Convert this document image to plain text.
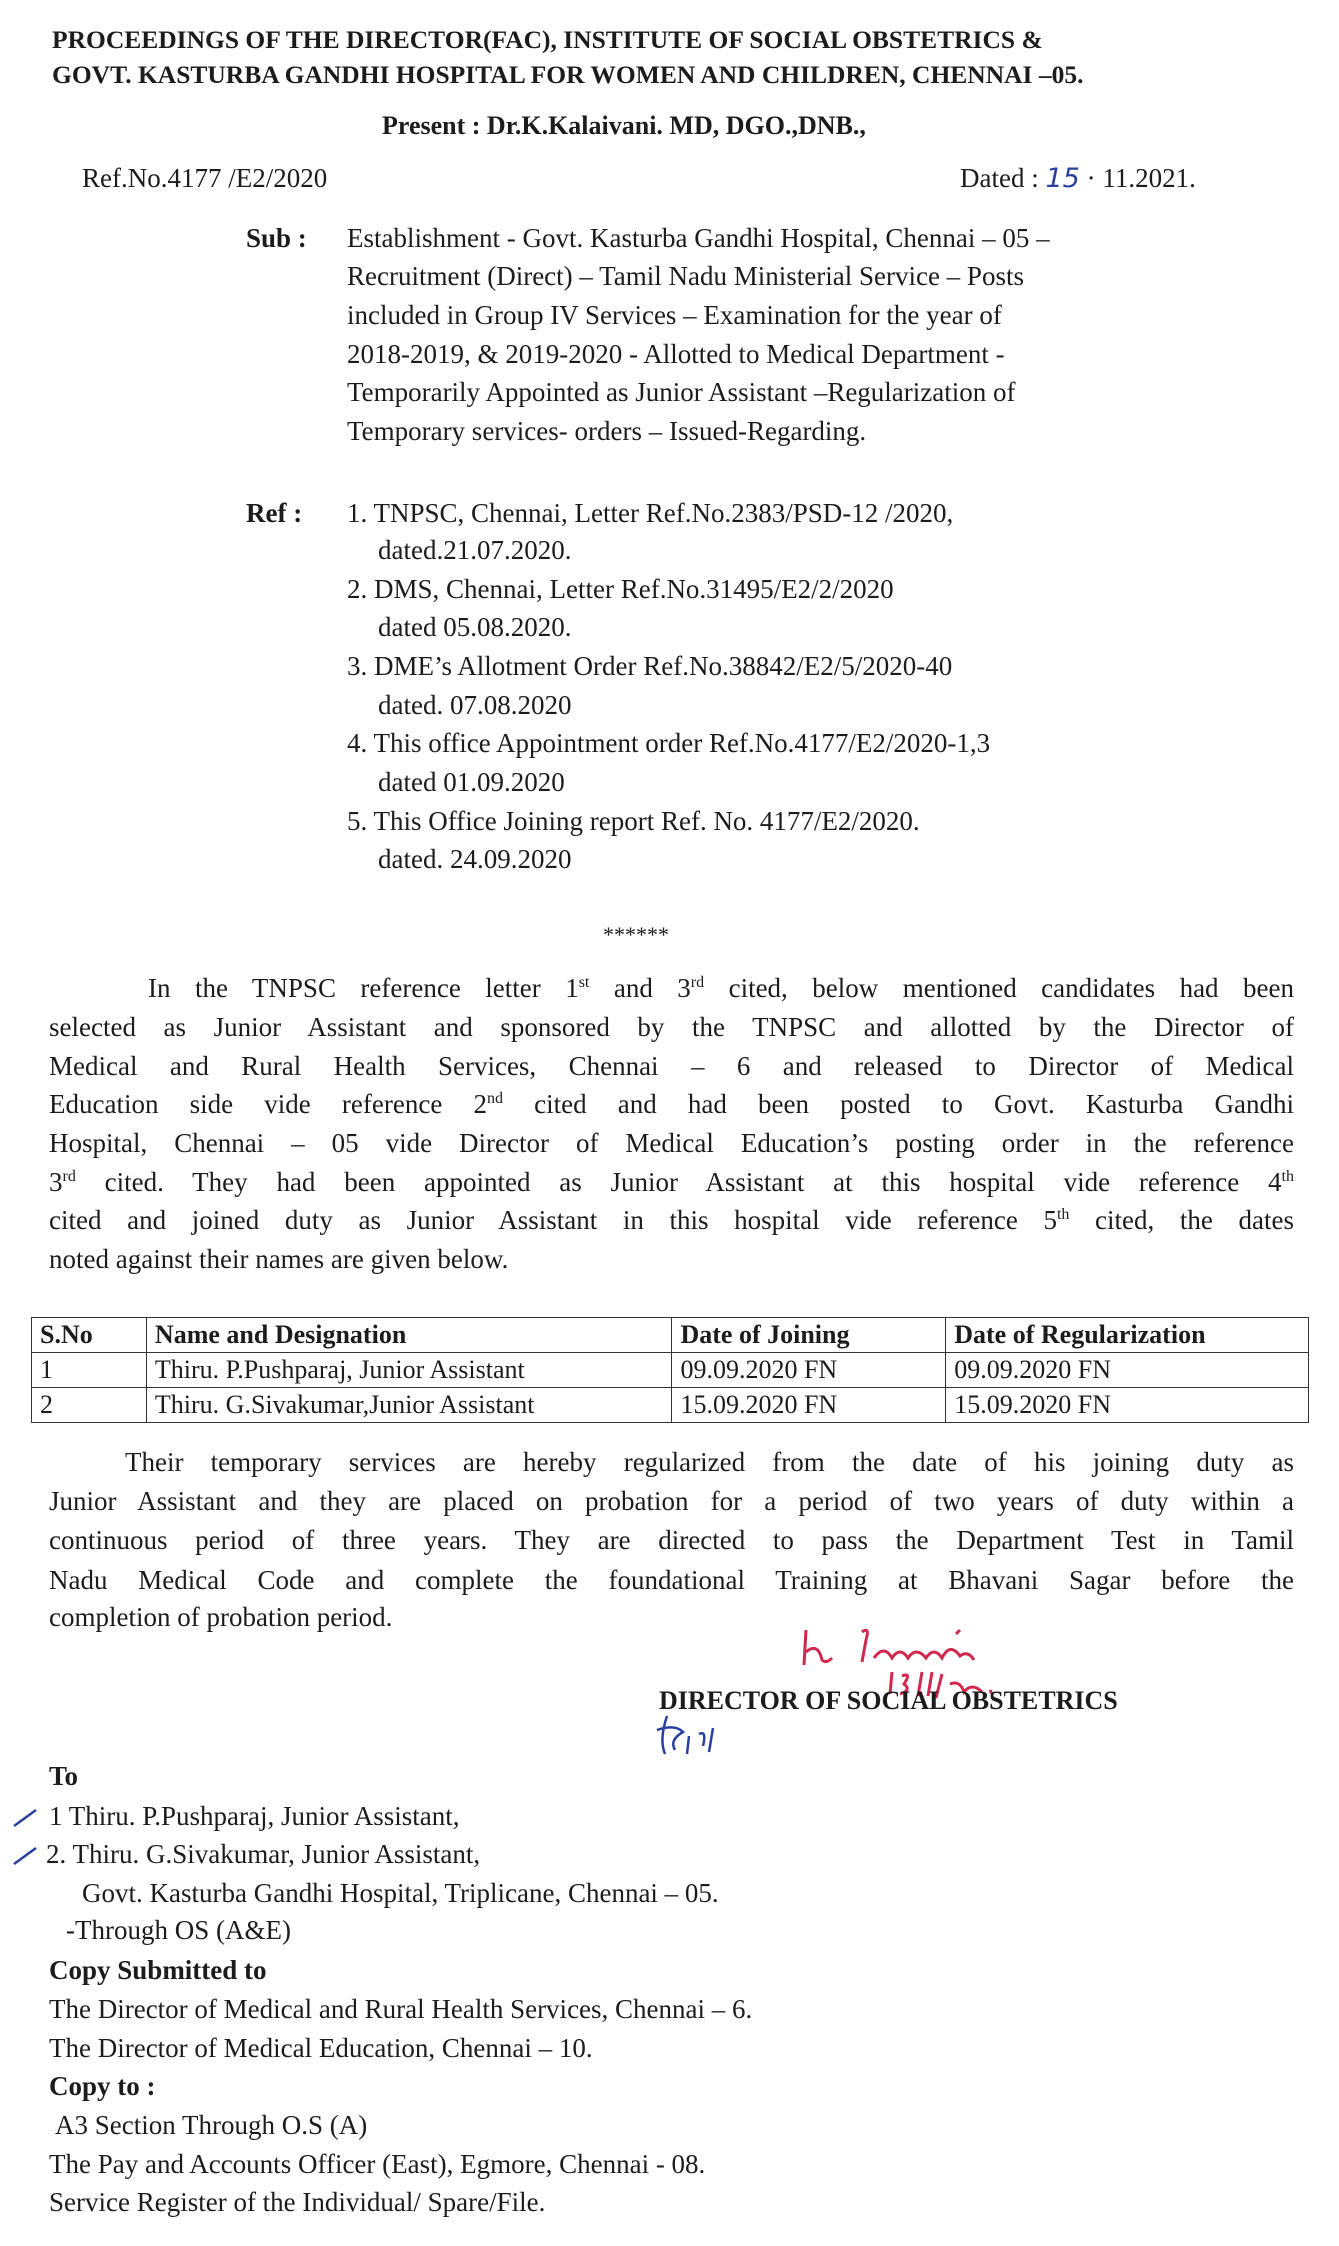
PROCEEDINGS OF THE DIRECTOR(FAC), INSTITUTE OF SOCIAL OBSTETRICS &
GOVT. KASTURBA GANDHI HOSPITAL FOR WOMEN AND CHILDREN, CHENNAI –05.
Present : Dr.K.Kalaivani. MD, DGO.,DNB.,
Ref.No.4177 /E2/2020	Dated : 15 · 11.2021.
Sub : Establishment - Govt. Kasturba Gandhi Hospital, Chennai – 05 –
Recruitment (Direct) – Tamil Nadu Ministerial Service – Posts
included in Group IV Services – Examination for the year of
2018-2019, & 2019-2020 - Allotted to Medical Department -
Temporarily Appointed as Junior Assistant –Regularization of
Temporary services- orders – Issued-Regarding.
Ref : 1. TNPSC, Chennai, Letter Ref.No.2383/PSD-12 /2020,
dated.21.07.2020.
2. DMS, Chennai, Letter Ref.No.31495/E2/2/2020
dated 05.08.2020.
3. DME’s Allotment Order Ref.No.38842/E2/5/2020-40
dated. 07.08.2020
4. This office Appointment order Ref.No.4177/E2/2020-1,3
dated 01.09.2020
5. This Office Joining report Ref. No. 4177/E2/2020.
dated. 24.09.2020
******
In the TNPSC reference letter 1st and 3rd cited, below mentioned candidates had been
selected as Junior Assistant and sponsored by the TNPSC and allotted by the Director of
Medical and Rural Health Services, Chennai – 6 and released to Director of Medical
Education side vide reference 2nd cited and had been posted to Govt. Kasturba Gandhi
Hospital, Chennai – 05 vide Director of Medical Education’s posting order in the reference
3rd cited. They had been appointed as Junior Assistant at this hospital vide reference 4th
cited and joined duty as Junior Assistant in this hospital vide reference 5th cited, the dates
noted against their names are given below.
S.No	Name and Designation	Date of Joining	Date of Regularization
1	Thiru. P.Pushparaj, Junior Assistant	09.09.2020 FN	09.09.2020 FN
2	Thiru. G.Sivakumar,Junior Assistant	15.09.2020 FN	15.09.2020 FN
Their temporary services are hereby regularized from the date of his joining duty as
Junior Assistant and they are placed on probation for a period of two years of duty within a
continuous period of three years. They are directed to pass the Department Test in Tamil
Nadu Medical Code and complete the foundational Training at Bhavani Sagar before the
completion of probation period.
DIRECTOR OF SOCIAL OBSTETRICS
To
1 Thiru. P.Pushparaj, Junior Assistant,
2. Thiru. G.Sivakumar, Junior Assistant,
Govt. Kasturba Gandhi Hospital, Triplicane, Chennai – 05.
-Through OS (A&E)
Copy Submitted to
The Director of Medical and Rural Health Services, Chennai – 6.
The Director of Medical Education, Chennai – 10.
Copy to :
A3 Section Through O.S (A)
The Pay and Accounts Officer (East), Egmore, Chennai - 08.
Service Register of the Individual/ Spare/File.
